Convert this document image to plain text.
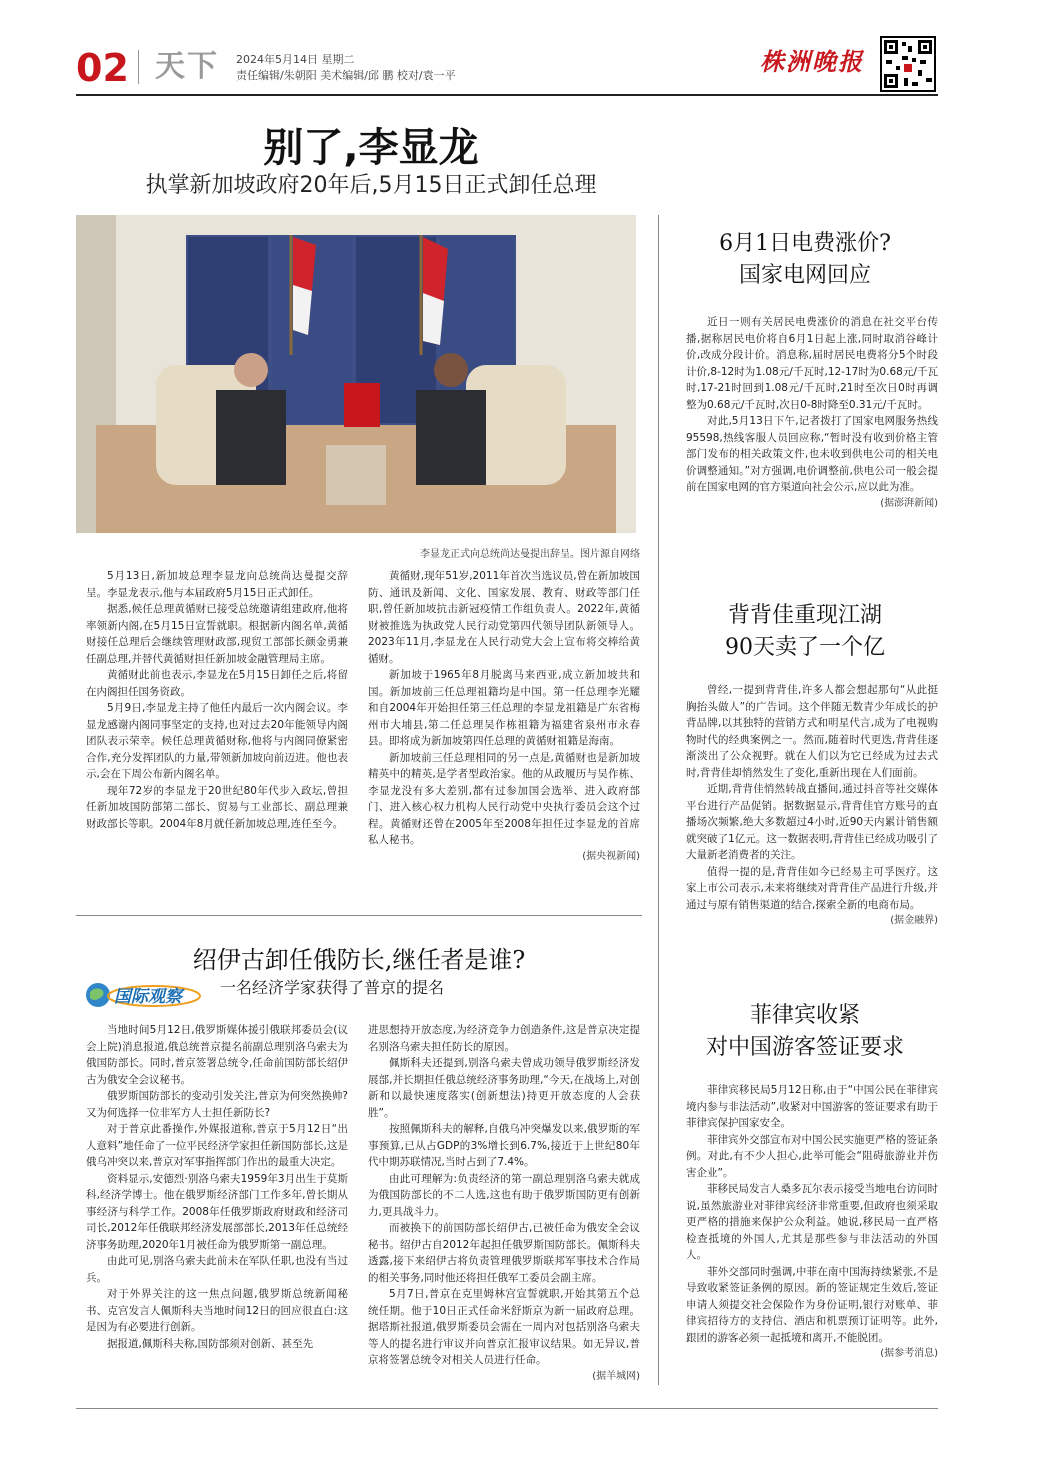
02 天下 2024年5月14日 星期二
责任编辑/朱朝阳 美术编辑/邱 鹏 校对/袁一平	株洲晚报
别了,李显龙
执掌新加坡政府20年后,5月15日正式卸任总理
李显龙正式向总统尚达曼提出辞呈。图片源自网络

5月13日,新加坡总理李显龙向总统尚达曼提交辞呈。李显龙表示,他与本届政府5月15日正式卸任。

据悉,候任总理黄循财已接受总统邀请组建政府,他将率领新内阁,在5月15日宣誓就职。根据新内阁名单,黄循财接任总理后会继续管理财政部,现贸工部部长颜金勇兼任副总理,并替代黄循财担任新加坡金融管理局主席。

黄循财此前也表示,李显龙在5月15日卸任之后,将留在内阁担任国务资政。

5月9日,李显龙主持了他任内最后一次内阁会议。李显龙感谢内阁同事坚定的支持,也对过去20年能领导内阁团队表示荣幸。候任总理黄循财称,他将与内阁同僚紧密合作,充分发挥团队的力量,带领新加坡向前迈进。他也表示,会在下周公布新内阁名单。

现年72岁的李显龙于20世纪80年代步入政坛,曾担任新加坡国防部第二部长、贸易与工业部长、副总理兼财政部长等职。2004年8月就任新加坡总理,连任至今。

黄循财,现年51岁,2011年首次当选议员,曾在新加坡国防、通讯及新闻、文化、国家发展、教育、财政等部门任职,曾任新加坡抗击新冠疫情工作组负责人。2022年,黄循财被推选为执政党人民行动党第四代领导团队新领导人。2023年11月,李显龙在人民行动党大会上宣布将交棒给黄循财。

新加坡于1965年8月脱离马来西亚,成立新加坡共和国。新加坡前三任总理祖籍均是中国。第一任总理李光耀和自2004年开始担任第三任总理的李显龙祖籍是广东省梅州市大埔县,第二任总理吴作栋祖籍为福建省泉州市永春县。即将成为新加坡第四任总理的黄循财祖籍是海南。

新加坡前三任总理相同的另一点是,黄循财也是新加坡精英中的精英,是学者型政治家。他的从政履历与吴作栋、李显龙没有多大差别,都有过参加国会选举、进入政府部门、进入核心权力机构人民行动党中央执行委员会这个过程。黄循财还曾在2005年至2008年担任过李显龙的首席私人秘书。

(据央视新闻)
6月1日电费涨价?
国家电网回应

近日一则有关居民电费涨价的消息在社交平台传播,据称居民电价将自6月1日起上涨,同时取消谷峰计价,改成分段计价。消息称,届时居民电费将分5个时段计价,8-12时为1.08元/千瓦时,12-17时为0.68元/千瓦时,17-21时回到1.08元/千瓦时,21时至次日0时再调整为0.68元/千瓦时,次日0-8时降至0.31元/千瓦时。

对此,5月13日下午,记者拨打了国家电网服务热线95598,热线客服人员回应称,“暂时没有收到价格主管部门发布的相关政策文件,也未收到供电公司的相关电价调整通知。”对方强调,电价调整前,供电公司一般会提前在国家电网的官方渠道向社会公示,应以此为准。

(据澎湃新闻)
背背佳重现江湖
90天卖了一个亿

曾经,一提到背背佳,许多人都会想起那句“从此挺胸抬头做人”的广告词。这个伴随无数青少年成长的护背品牌,以其独特的营销方式和明星代言,成为了电视购物时代的经典案例之一。然而,随着时代更迭,背背佳逐渐淡出了公众视野。就在人们以为它已经成为过去式时,背背佳却悄然发生了变化,重新出现在人们面前。

近期,背背佳悄然转战直播间,通过抖音等社交媒体平台进行产品促销。据数据显示,背背佳官方账号的直播场次频繁,绝大多数超过4小时,近90天内累计销售额就突破了1亿元。这一数据表明,背背佳已经成功吸引了大量新老消费者的关注。

值得一提的是,背背佳如今已经易主可孚医疗。这家上市公司表示,未来将继续对背背佳产品进行升级,并通过与原有销售渠道的结合,探索全新的电商布局。

(据金融界)
菲律宾收紧
对中国游客签证要求

菲律宾移民局5月12日称,由于“中国公民在菲律宾境内参与非法活动”,收紧对中国游客的签证要求有助于菲律宾保护国家安全。

菲律宾外交部宣布对中国公民实施更严格的签证条例。对此,有不少人担心,此举可能会“阻碍旅游业并伤害企业”。

菲移民局发言人桑多瓦尔表示接受当地电台访问时说,虽然旅游业对菲律宾经济非常重要,但政府也须采取更严格的措施来保护公众利益。她说,移民局一直严格检查抵境的外国人,尤其是那些参与非法活动的外国人。

菲外交部同时强调,中菲在南中国海持续紧张,不是导致收紧签证条例的原因。新的签证规定生效后,签证申请人须提交社会保险作为身份证明,银行对账单、菲律宾招待方的支持信、酒店和机票预订证明等。此外,跟团的游客必须一起抵境和离开,不能脱团。

(据参考消息)
国际观察
绍伊古卸任俄防长,继任者是谁?
一名经济学家获得了普京的提名

当地时间5月12日,俄罗斯媒体援引俄联邦委员会(议会上院)消息报道,俄总统普京提名前副总理别洛乌索夫为俄国防部长。同时,普京签署总统令,任命前国防部长绍伊古为俄安全会议秘书。

俄罗斯国防部长的变动引发关注,普京为何突然换帅?又为何选择一位非军方人士担任新防长?

对于普京此番操作,外媒报道称,普京于5月12日“出人意料”地任命了一位平民经济学家担任新国防部长,这是俄乌冲突以来,普京对军事指挥部门作出的最重大决定。

资料显示,安德烈·别洛乌索夫1959年3月出生于莫斯科,经济学博士。他在俄罗斯经济部门工作多年,曾长期从事经济与科学工作。2008年任俄罗斯政府财政和经济司司长,2012年任俄联邦经济发展部部长,2013年任总统经济事务助理,2020年1月被任命为俄罗斯第一副总理。

由此可见,别洛乌索夫此前未在军队任职,也没有当过兵。

对于外界关注的这一焦点问题,俄罗斯总统新闻秘书、克宫发言人佩斯科夫当地时间12日的回应很直白:这是因为有必要进行创新。

据报道,佩斯科夫称,国防部须对创新、甚至先

进思想持开放态度,为经济竞争力创造条件,这是普京决定提名别洛乌索夫担任防长的原因。

佩斯科夫还提到,别洛乌索夫曾成功领导俄罗斯经济发展部,并长期担任俄总统经济事务助理,“今天,在战场上,对创新和以最快速度落实(创新想法)持更开放态度的人会获胜”。

按照佩斯科夫的解释,自俄乌冲突爆发以来,俄罗斯的军事预算,已从占GDP的3%增长到6.7%,接近于上世纪80年代中期苏联情况,当时占到了7.4%。

由此可理解为:负责经济的第一副总理别洛乌索夫就成为俄国防部长的不二人选,这也有助于俄罗斯国防更有创新力,更具战斗力。

而被换下的前国防部长绍伊古,已被任命为俄安全会议秘书。绍伊古自2012年起担任俄罗斯国防部长。佩斯科夫透露,接下来绍伊古将负责管理俄罗斯联邦军事技术合作局的相关事务,同时他还将担任俄军工委员会副主席。

5月7日,普京在克里姆林宫宣誓就职,开始其第五个总统任期。他于10日正式任命米舒斯京为新一届政府总理。据塔斯社报道,俄罗斯委员会需在一周内对包括别洛乌索夫等人的提名进行审议并向普京汇报审议结果。如无异议,普京将签署总统令对相关人员进行任命。

(据羊城网)
